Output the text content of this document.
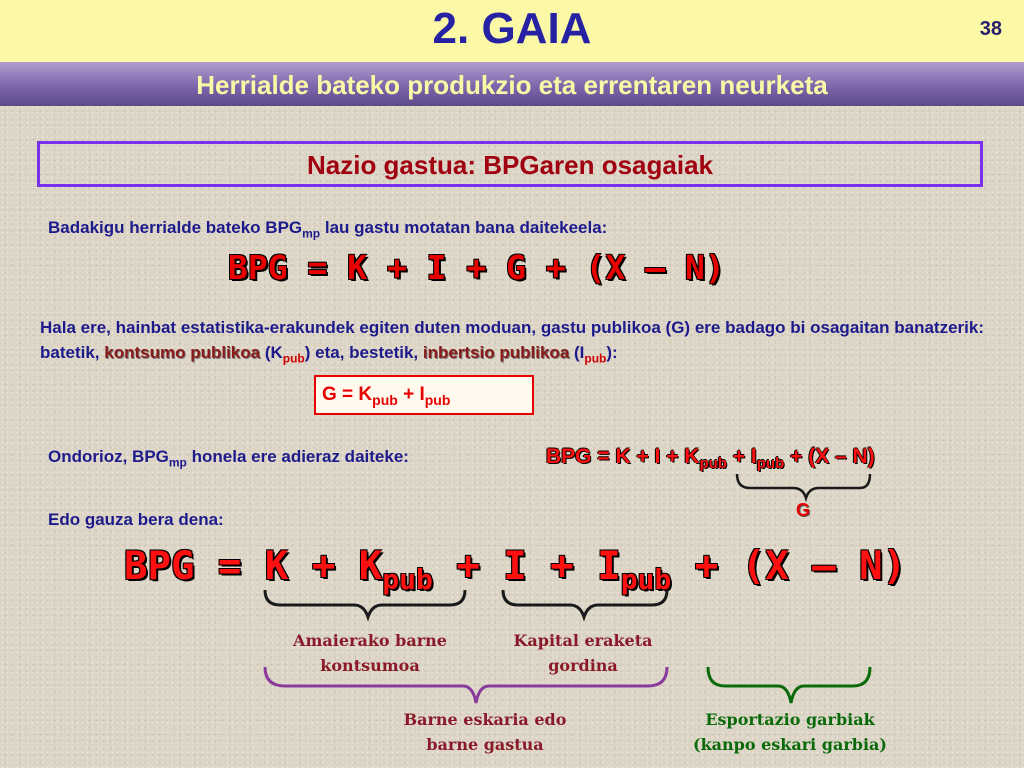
2. GAIA	38
Herrialde bateko produkzio eta errentaren neurketa
Nazio gastua: BPGaren osagaiak
Badakigu herrialde bateko $BPG_{mp}$ lau gastu motatan bana daitekeela:
BPG = K + I + G + (X – N)
Hala ere, hainbat estatistika-erakundek egiten duten moduan, gastu publikoa (G) ere badago bi osagaitan banatzerik: batetik, kontsumo publikoa $(K_{pub})$ eta, bestetik, inbertsio publikoa $(I_{pub})$:
$G = K_{pub} + I_{pub}$
Ondorioz, $BPG_{mp}$ honela ere adieraz daiteke:	BPG = $K + I + K_{pub} + I_{pub} + (X - N)$
G
Edo gauza bera dena:
BPG = $K + K_{pub} + I + I_{pub} + (X - N)$
Amaierako barne
kontsumoa
Kapital eraketa
gordina
Barne eskaria edo
barne gastua
Esportazio garbiak
(kanpo eskari garbia)
